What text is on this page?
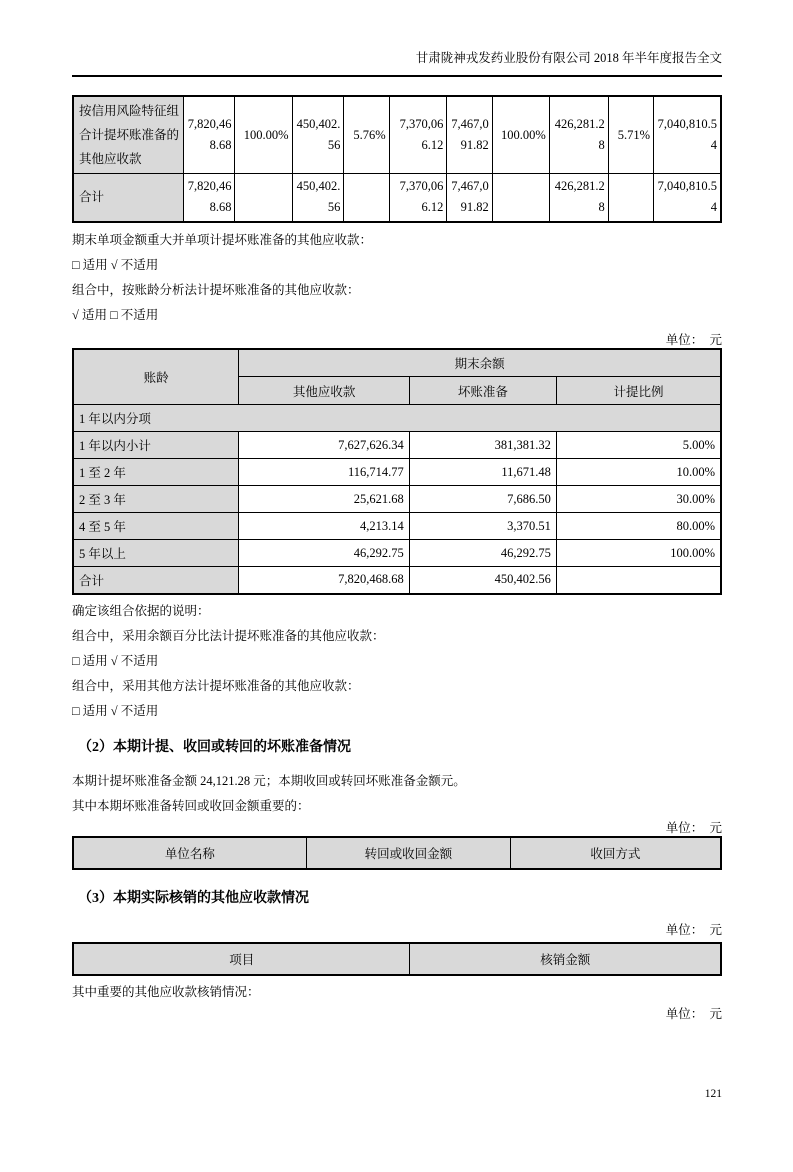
甘肃陇神戎发药业股份有限公司 2018 年半年度报告全文
按信用风险特征组合计提坏账准备的其他应收款	7,820,468.68	100.00%	450,402.56	5.76%	7,370,066.12	7,467,091.82	100.00%	426,281.28	5.71%	7,040,810.54
合计	7,820,468.68		450,402.56		7,370,066.12	7,467,091.82		426,281.28		7,040,810.54

期末单项金额重大并单项计提坏账准备的其他应收款：

□ 适用 √ 不适用

组合中，按账龄分析法计提坏账准备的其他应收款：

√ 适用 □ 不适用

单位：　元
账龄	期末余额		
	其他应收款	坏账准备	计提比例
1 年以内分项			
1 年以内小计	7,627,626.34	381,381.32	5.00%
1 至 2 年	116,714.77	11,671.48	10.00%
2 至 3 年	25,621.68	7,686.50	30.00%
4 至 5 年	4,213.14	3,370.51	80.00%
5 年以上	46,292.75	46,292.75	100.00%
合计	7,820,468.68	450,402.56	

确定该组合依据的说明：

组合中，采用余额百分比法计提坏账准备的其他应收款：

□ 适用 √ 不适用

组合中，采用其他方法计提坏账准备的其他应收款：

□ 适用 √ 不适用

（2）本期计提、收回或转回的坏账准备情况

本期计提坏账准备金额 24,121.28 元；本期收回或转回坏账准备金额元。

其中本期坏账准备转回或收回金额重要的：

单位：　元
单位名称	转回或收回金额	收回方式
（3）本期实际核销的其他应收款情况
单位：　元
项目	核销金额

其中重要的其他应收款核销情况：

单位：　元
121
